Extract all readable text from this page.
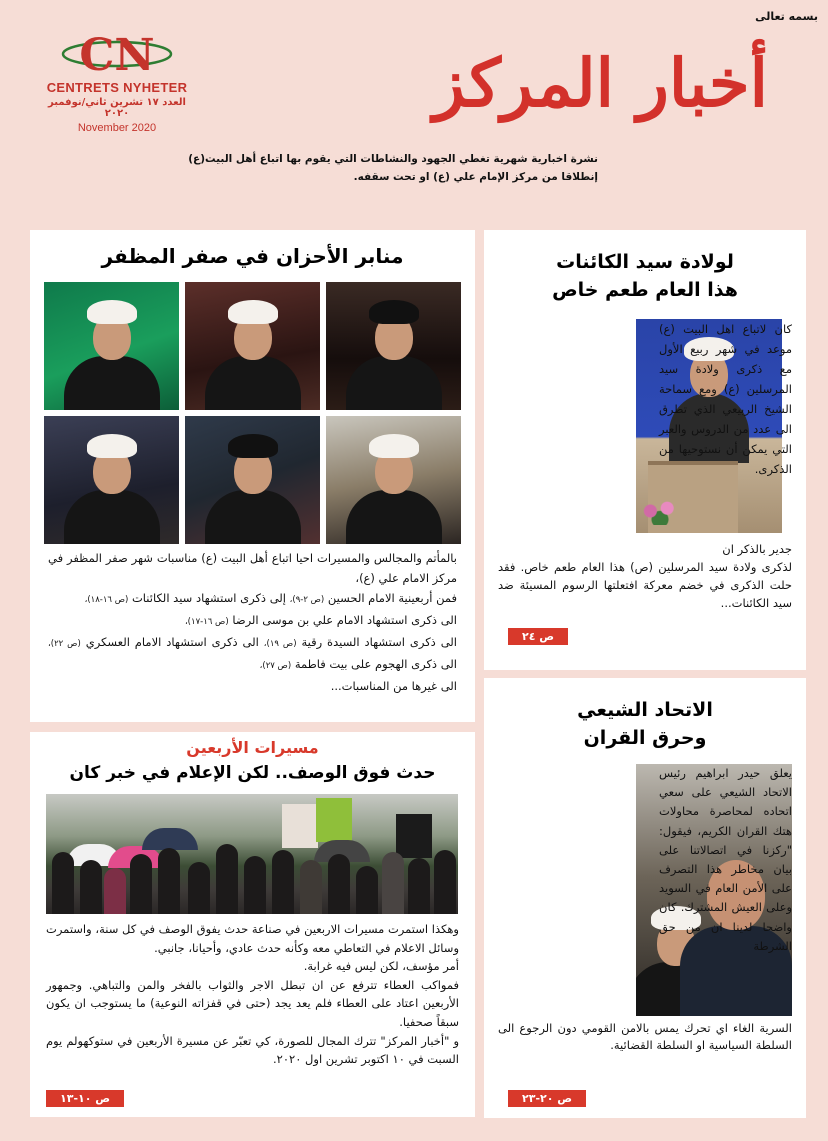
بسمه تعالى
CN
CENTRETS NYHETER
العدد ١٧ تشرين ثاني/نوفمبر ٢٠٢٠
November 2020
أخبار المركز
نشرة اخبارية شهرية تغطي الجهود والنشاطات التي يقوم بها اتباع أهل البيت(ع)
إنطلاقا من مركز الإمام علي (ع) او تحت سقفه.
منابر الأحزان في صفر المظفر
بالمأتم والمجالس والمسيرات احيا اتباع أهل البيت (ع) مناسبات شهر صفر المظفر في مركز الامام علي (ع)،
فمن أربعينية الامام الحسين (ص ٢-٩)، إلى ذكرى استشهاد سيد الكائنات (ص ١٦-١٨)،
الى ذكرى استشهاد الامام علي بن موسى الرضا (ص ١٦-١٧)،
الى ذكرى استشهاد السيدة رقية (ص ١٩)، الى ذكرى استشهاد الامام العسكري (ص ٢٢)، الى ذكرى الهجوم على بيت فاطمة (ص ٢٧)،
الى غيرها من المناسبات...
لولادة سيد الكائنات
هذا العام طعم خاص
كان لاتباع اهل البيت (ع) موعد في شهر ربيع الأول مع ذكرى ولادة سيد المرسلين (ع) ومع سماحة الشيخ الربيعي الذي تطرق الى عدد من الدروس والعبر التي يمكن أن نستوحيها من الذكرى.
جدير بالذكر ان
لذكرى ولادة سيد المرسلين (ص) هذا العام طعم خاص. فقد حلت الذكرى في خضم معركة افتعلتها الرسوم المسيئة ضد سيد الكائنات...
ص ٢٤
مسيرات الأربعين
حدث فوق الوصف.. لكن الإعلام في خبر كان
وهكذا استمرت مسيرات الاربعين في صناعة حدث يفوق الوصف في كل سنة، واستمرت وسائل الاعلام في التعاطي معه وكأنه حدث عادي، وأحيانا، جانبي.
أمر مؤسف، لكن ليس فيه غرابة.
فمواكب العطاء تترفع عن ان تبطل الاجر والثواب بالفخر والمن والتباهي. وجمهور الأربعين اعتاد على العطاء فلم يعد يجد (حتى في قفزاته النوعية) ما يستوجب ان يكون سبقاً صحفيا.
و "أخبار المركز" تترك المجال للصورة، كي تعبّر عن مسيرة الأربعين في ستوكهولم يوم السبت في ١٠ اكتوبر تشرين اول ٢٠٢٠.
ص ١٠-١٣
الاتحاد الشيعي
وحرق القران
يعلق حيدر ابراهيم رئيس الاتحاد الشيعي على سعي اتحاده لمحاصرة محاولات هتك القران الكريم، فيقول: "ركزنا في اتصالاتنا على بيان مخاطر هذا التصرف على الأمن العام في السويد وعلى العيش المشترك. كان واضحا لدينا ان من حق الشرطة
السرية الغاء اي تحرك يمس بالامن القومي دون الرجوع الى السلطة السياسية او السلطة القضائية.
ص ٢٠-٢٣
